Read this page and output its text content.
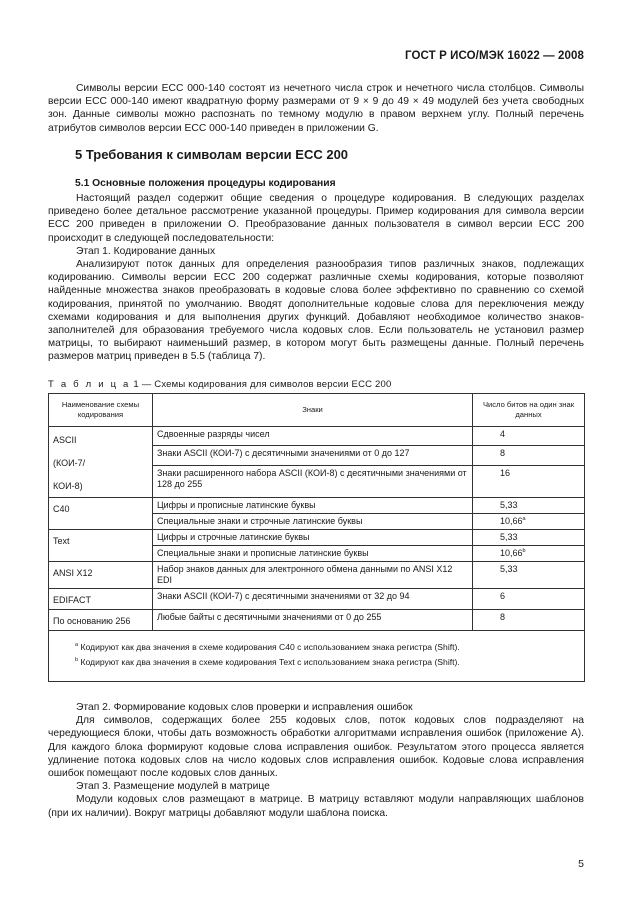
ГОСТ Р ИСО/МЭК 16022 — 2008

Символы версии ЕСС 000-140 состоят из нечетного числа строк и нечетного числа столбцов. Символы версии ЕСС 000-140 имеют квадратную форму размерами от 9 × 9 до 49 × 49 модулей без учета свободных зон. Данные символы можно распознать по темному модулю в правом верхнем углу. Полный перечень атрибутов символов версии ЕСС 000-140 приведен в приложении G.

5 Требования к символам версии ЕСС 200
5.1 Основные положения процедуры кодирования

Настоящий раздел содержит общие сведения о процедуре кодирования. В следующих разделах приведено более детальное рассмотрение указанной процедуры. Пример кодирования для символа версии ЕСС 200 приведен в приложении О. Преобразование данных пользователя в символ версии ЕСС 200 происходит в следующей последовательности:

Этап 1. Кодирование данных

Анализируют поток данных для определения разнообразия типов различных знаков, подлежащих кодированию. Символы версии ЕСС 200 содержат различные схемы кодирования, которые позволяют найденные множества знаков преобразовать в кодовые слова более эффективно по сравнению со схемой кодирования, принятой по умолчанию. Вводят дополнительные кодовые слова для переключения между схемами кодирования и для выполнения других функций. Добавляют необходимое количество знаков-заполнителей для образования требуемого числа кодовых слов. Если пользователь не установил размер матрицы, то выбирают наименьший размер, в котором могут быть размещены данные. Полный перечень размеров матриц приведен в 5.5 (таблица 7).

Т а б л и ц а 1 — Схемы кодирования для символов версии ЕСС 200
Наименование схемы кодирования	Знаки	Число битов на один знак данных

ASCII
(КОИ-7/
КОИ-8)	Сдвоенные разряды чисел	4
	Знаки ASCII (КОИ-7) с десятичными значениями от 0 до 127	8
	Знаки расширенного набора ASCII (КОИ-8) с десятичными значениями от 128 до 255	16

C40	Цифры и прописные латинские буквы	5,33
	Специальные знаки и строчные латинские буквы	10,66$^a$

Text	Цифры и строчные латинские буквы	5,33
	Специальные знаки и прописные латинские буквы	10,66$^b$

ANSI X12	Набор знаков данных для электронного обмена данными по ANSI X12 EDI	5,33

EDIFACT	Знаки ASCII (КОИ-7) с десятичными значениями от 32 до 94	6

По основанию 256	Любые байты с десятичными значениями от 0 до 255	8

$^a$ Кодируют как два значения в схеме кодирования С40 с использованием знака регистра (Shift).
$^b$ Кодируют как два значения в схеме кодирования Text с использованием знака регистра (Shift).		

Этап 2. Формирование кодовых слов проверки и исправления ошибок

Для символов, содержащих более 255 кодовых слов, поток кодовых слов подразделяют на чередующиеся блоки, чтобы дать возможность обработки алгоритмами исправления ошибок (приложение А). Для каждого блока формируют кодовые слова исправления ошибок. Результатом этого процесса является удлинение потока кодовых слов на число кодовых слов исправления ошибок. Кодовые слова исправления ошибок помещают после кодовых слов данных.

Этап 3. Размещение модулей в матрице

Модули кодовых слов размещают в матрице. В матрицу вставляют модули направляющих шаблонов (при их наличии). Вокруг матрицы добавляют модули шаблона поиска.

5
